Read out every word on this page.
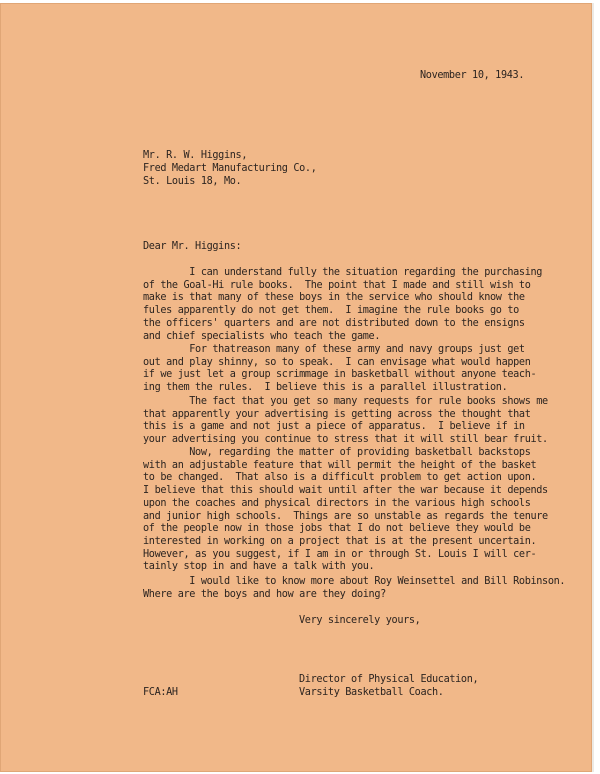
November 10, 1943.
Mr. R. W. Higgins,
Fred Medart Manufacturing Co.,
St. Louis 18, Mo.
Dear Mr. Higgins:
I can understand fully the situation regarding the purchasing
of the Goal-Hi rule books.  The point that I made and still wish to
make is that many of these boys in the service who should know the
fules apparently do not get them.  I imagine the rule books go to
the officers' quarters and are not distributed down to the ensigns
and chief specialists who teach the game.
For thatreason many of these army and navy groups just get
out and play shinny, so to speak.  I can envisage what would happen
if we just let a group scrimmage in basketball without anyone teach-
ing them the rules.  I believe this is a parallel illustration.
The fact that you get so many requests for rule books shows me
that apparently your advertising is getting across the thought that
this is a game and not just a piece of apparatus.  I believe if in
your advertising you continue to stress that it will still bear fruit.
Now, regarding the matter of providing basketball backstops
with an adjustable feature that will permit the height of the basket
to be changed.  That also is a difficult problem to get action upon.
I believe that this should wait until after the war because it depends
upon the coaches and physical directors in the various high schools
and junior high schools.  Things are so unstable as regards the tenure
of the people now in those jobs that I do not believe they would be
interested in working on a project that is at the present uncertain.
However, as you suggest, if I am in or through St. Louis I will cer-
tainly stop in and have a talk with you.
I would like to know more about Roy Weinsettel and Bill Robinson.
Where are the boys and how are they doing?
Very sincerely yours,
Director of Physical Education,
Varsity Basketball Coach.
FCA:AH
